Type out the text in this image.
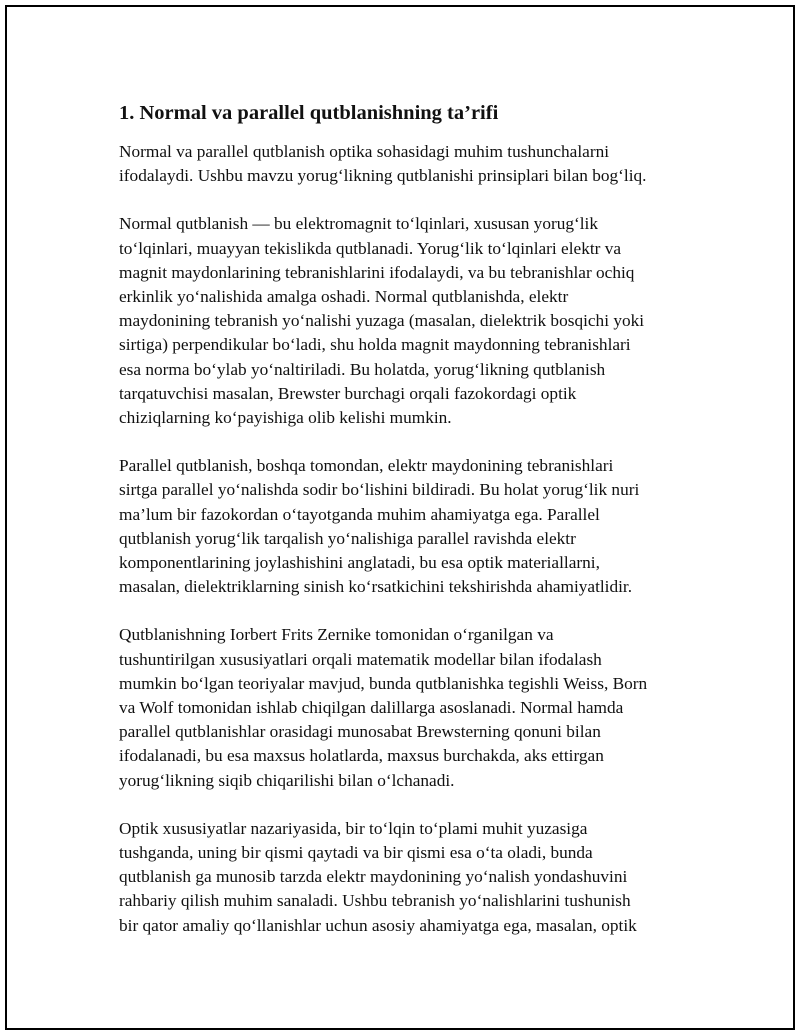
1. Normal va parallel qutblanishning ta’rifi

Normal va parallel qutblanish optika sohasidagi muhim tushunchalarni
ifodalaydi. Ushbu mavzu yorug‘likning qutblanishi prinsiplari bilan bog‘liq.

Normal qutblanish — bu elektromagnit to‘lqinlari, xususan yorug‘lik
to‘lqinlari, muayyan tekislikda qutblanadi. Yorug‘lik to‘lqinlari elektr va
magnit maydonlarining tebranishlarini ifodalaydi, va bu tebranishlar ochiq
erkinlik yo‘nalishida amalga oshadi. Normal qutblanishda, elektr
maydonining tebranish yo‘nalishi yuzaga (masalan, dielektrik bosqichi yoki
sirtiga) perpendikular bo‘ladi, shu holda magnit maydonning tebranishlari
esa norma bo‘ylab yo‘naltiriladi. Bu holatda, yorug‘likning qutblanish
tarqatuvchisi masalan, Brewster burchagi orqali fazokordagi optik
chiziqlarning ko‘payishiga olib kelishi mumkin.

Parallel qutblanish, boshqa tomondan, elektr maydonining tebranishlari
sirtga parallel yo‘nalishda sodir bo‘lishini bildiradi. Bu holat yorug‘lik nuri
ma’lum bir fazokordan o‘tayotganda muhim ahamiyatga ega. Parallel
qutblanish yorug‘lik tarqalish yo‘nalishiga parallel ravishda elektr
komponentlarining joylashishini anglatadi, bu esa optik materiallarni,
masalan, dielektriklarning sinish ko‘rsatkichini tekshirishda ahamiyatlidir.

Qutblanishning Iorbert Frits Zernike tomonidan o‘rganilgan va
tushuntirilgan xususiyatlari orqali matematik modellar bilan ifodalash
mumkin bo‘lgan teoriyalar mavjud, bunda qutblanishka tegishli Weiss, Born
va Wolf tomonidan ishlab chiqilgan dalillarga asoslanadi. Normal hamda
parallel qutblanishlar orasidagi munosabat Brewsterning qonuni bilan
ifodalanadi, bu esa maxsus holatlarda, maxsus burchakda, aks ettirgan
yorug‘likning siqib chiqarilishi bilan o‘lchanadi.

Optik xususiyatlar nazariyasida, bir to‘lqin to‘plami muhit yuzasiga
tushganda, uning bir qismi qaytadi va bir qismi esa o‘ta oladi, bunda
qutblanish ga munosib tarzda elektr maydonining yo‘nalish yondashuvini
rahbariy qilish muhim sanaladi. Ushbu tebranish yo‘nalishlarini tushunish
bir qator amaliy qo‘llanishlar uchun asosiy ahamiyatga ega, masalan, optik
